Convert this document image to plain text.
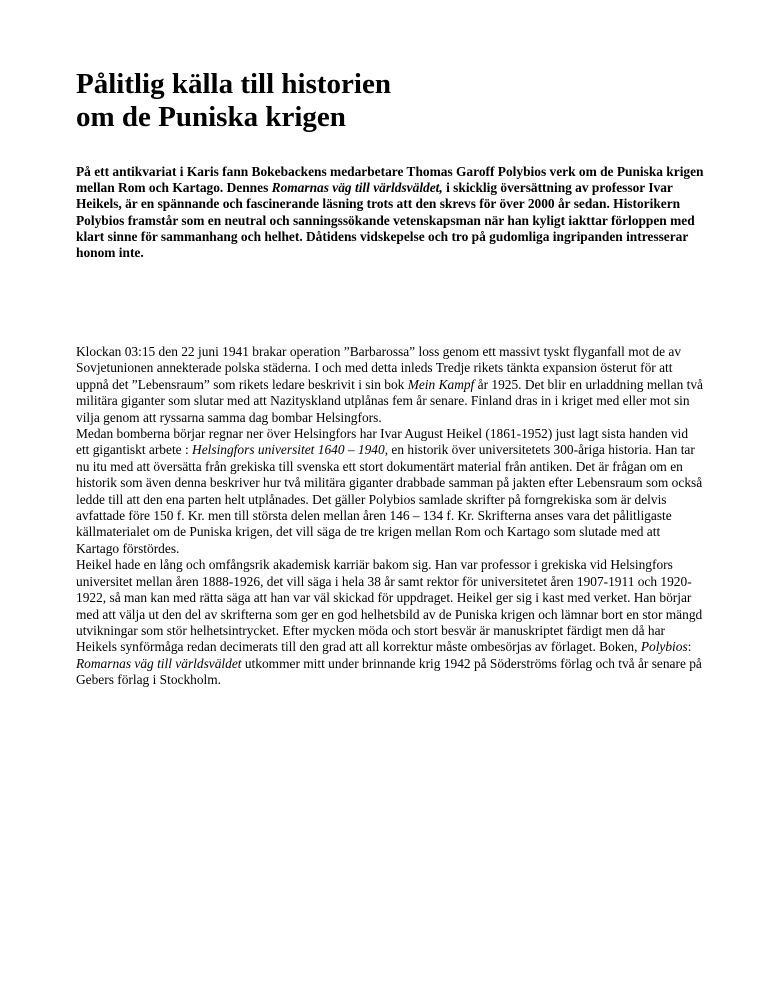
Pålitlig källa till historien
om de Puniska krigen

På ett antikvariat i Karis fann Bokebackens medarbetare Thomas Garoff Polybios verk om de Puniska krigen mellan Rom och Kartago. Dennes Romarnas väg till världsväldet, i skicklig översättning av professor Ivar Heikels, är en spännande och fascinerande läsning trots att den skrevs för över 2000 år sedan. Historikern Polybios framstår som en neutral och sanningssökande vetenskapsman när han kyligt iakttar förloppen med klart sinne för sammanhang och helhet. Dåtidens vidskepelse och tro på gudomliga ingripanden intresserar honom inte.

Klockan 03:15 den 22 juni 1941 brakar operation ”Barbarossa” loss genom ett massivt tyskt flyganfall mot de av Sovjetunionen annekterade polska städerna. I och med detta inleds Tredje rikets tänkta expansion österut för att uppnå det ”Lebensraum” som rikets ledare beskrivit i sin bok Mein Kampf år 1925. Det blir en urladdning mellan två militära giganter som slutar med att Nazityskland utplånas fem år senare. Finland dras in i kriget med eller mot sin vilja genom att ryssarna samma dag bombar Helsingfors.

Medan bomberna börjar regnar ner över Helsingfors har Ivar August Heikel (1861-1952) just lagt sista handen vid ett gigantiskt arbete : Helsingfors universitet 1640 – 1940, en historik över universitetets 300-åriga historia. Han tar nu itu med att översätta från grekiska till svenska ett stort dokumentärt material från antiken. Det är frågan om en historik som även denna beskriver hur två militära giganter drabbade samman på jakten efter Lebensraum som också ledde till att den ena parten helt utplånades. Det gäller Polybios samlade skrifter på forngrekiska som är delvis avfattade före 150 f. Kr. men till största delen mellan åren 146 – 134 f. Kr. Skrifterna anses vara det pålitligaste källmaterialet om de Puniska krigen, det vill säga de tre krigen mellan Rom och Kartago som slutade med att Kartago förstördes.

Heikel hade en lång och omfångsrik akademisk karriär bakom sig. Han var professor i grekiska vid Helsingfors universitet mellan åren 1888-1926, det vill säga i hela 38 år samt rektor för universitetet åren 1907-1911 och 1920-1922, så man kan med rätta säga att han var väl skickad för uppdraget. Heikel ger sig i kast med verket. Han börjar med att välja ut den del av skrifterna som ger en god helhetsbild av de Puniska krigen och lämnar bort en stor mängd utvikningar som stör helhetsintrycket. Efter mycken möda och stort besvär är manuskriptet färdigt men då har Heikels synförmåga redan decimerats till den grad att all korrektur måste ombesörjas av förlaget. Boken, Polybios: Romarnas väg till världsväldet utkommer mitt under brinnande krig 1942 på Söderströms förlag och två år senare på Gebers förlag i Stockholm.
